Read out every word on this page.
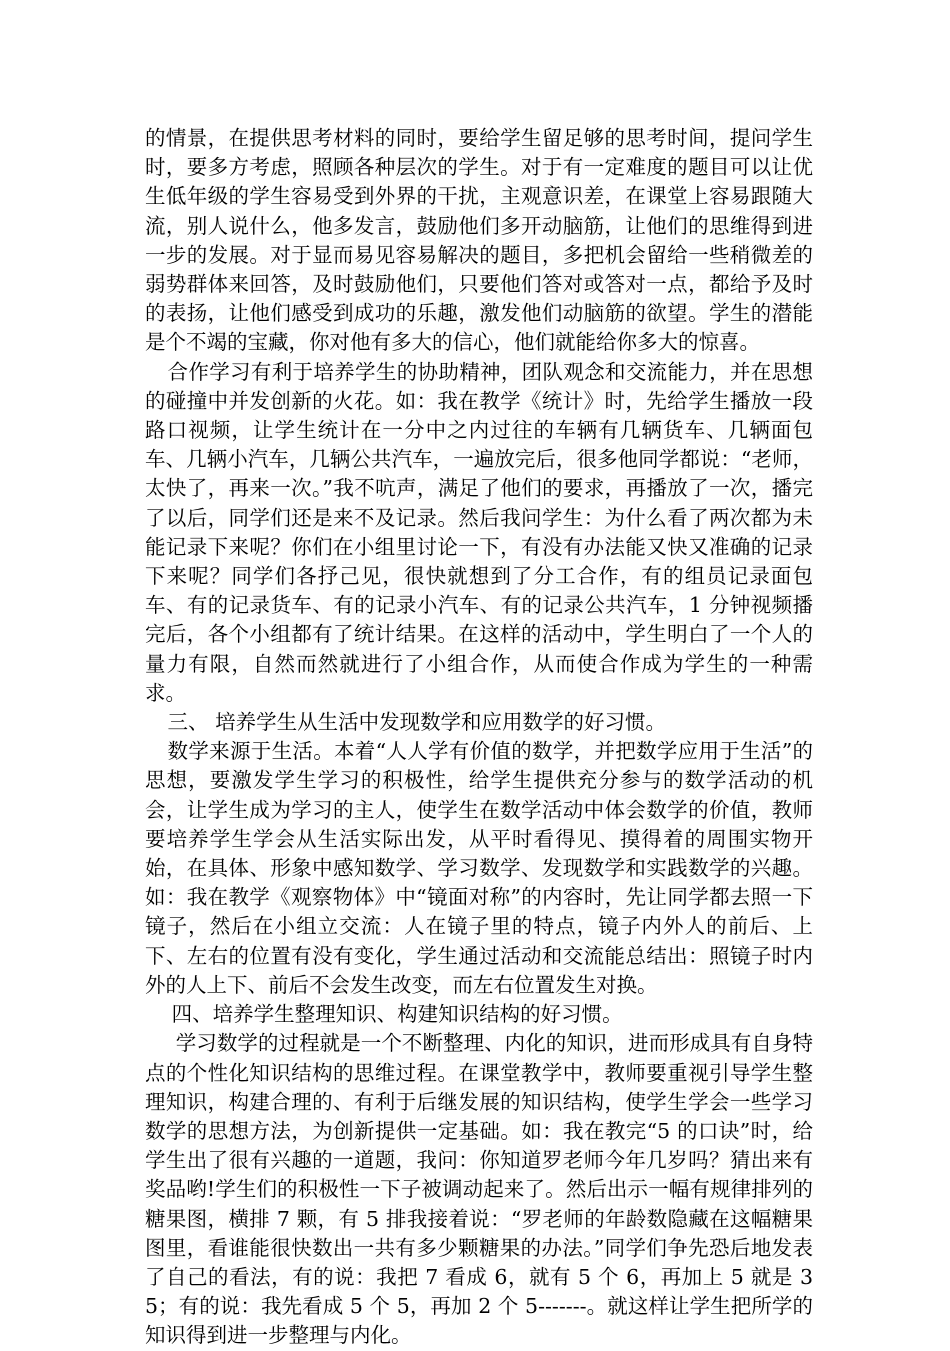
的情景，在提供思考材料的同时，要给学生留足够的思考时间，提问学生时，要多方考虑，照顾各种层次的学生。对于有一定难度的题目可以让优生低年级的学生容易受到外界的干扰，主观意识差，在课堂上容易跟随大流，别人说什么，他多发言，鼓励他们多开动脑筋，让他们的思维得到进一步的发展。对于显而易见容易解决的题目，多把机会留给一些稍微差的弱势群体来回答，及时鼓励他们，只要他们答对或答对一点，都给予及时的表扬，让他们感受到成功的乐趣，激发他们动脑筋的欲望。学生的潜能是个不竭的宝藏，你对他有多大的信心，他们就能给你多大的惊喜。

合作学习有利于培养学生的协助精神，团队观念和交流能力，并在思想的碰撞中并发创新的火花。如：我在教学《统计》时，先给学生播放一段路口视频，让学生统计在一分中之内过往的车辆有几辆货车、几辆面包车、几辆小汽车，几辆公共汽车，一遍放完后，很多他同学都说：“老师，太快了，再来一次。”我不吭声，满足了他们的要求，再播放了一次，播完了以后，同学们还是来不及记录。然后我问学生：为什么看了两次都为未能记录下来呢？你们在小组里讨论一下，有没有办法能又快又准确的记录下来呢？同学们各抒己见，很快就想到了分工合作，有的组员记录面包车、有的记录货车、有的记录小汽车、有的记录公共汽车，1 分钟视频播完后，各个小组都有了统计结果。在这样的活动中，学生明白了一个人的量力有限，自然而然就进行了小组合作，从而使合作成为学生的一种需求。

三、 培养学生从生活中发现数学和应用数学的好习惯。

数学来源于生活。本着“人人学有价值的数学，并把数学应用于生活”的思想，要激发学生学习的积极性，给学生提供充分参与的数学活动的机会，让学生成为学习的主人，使学生在数学活动中体会数学的价值，教师要培养学生学会从生活实际出发，从平时看得见、摸得着的周围实物开始，在具体、形象中感知数学、学习数学、发现数学和实践数学的兴趣。如：我在教学《观察物体》中“镜面对称”的内容时，先让同学都去照一下镜子，然后在小组立交流：人在镜子里的特点，镜子内外人的前后、上下、左右的位置有没有变化，学生通过活动和交流能总结出：照镜子时内外的人上下、前后不会发生改变，而左右位置发生对换。

四、培养学生整理知识、构建知识结构的好习惯。

学习数学的过程就是一个不断整理、内化的知识，进而形成具有自身特点的个性化知识结构的思维过程。在课堂教学中，教师要重视引导学生整理知识，构建合理的、有利于后继发展的知识结构，使学生学会一些学习数学的思想方法，为创新提供一定基础。如：我在教完“5 的口诀”时，给学生出了很有兴趣的一道题，我问：你知道罗老师今年几岁吗？猜出来有奖品哟!学生们的积极性一下子被调动起来了。然后出示一幅有规律排列的糖果图，横排 7 颗，有 5 排我接着说：“罗老师的年龄数隐藏在这幅糖果图里，看谁能很快数出一共有多少颗糖果的办法。”同学们争先恐后地发表了自己的看法，有的说：我把 7 看成 6，就有 5 个 6，再加上 5 就是 35；有的说：我先看成 5 个 5，再加 2 个 5-------。就这样让学生把所学的知识得到进一步整理与内化。
